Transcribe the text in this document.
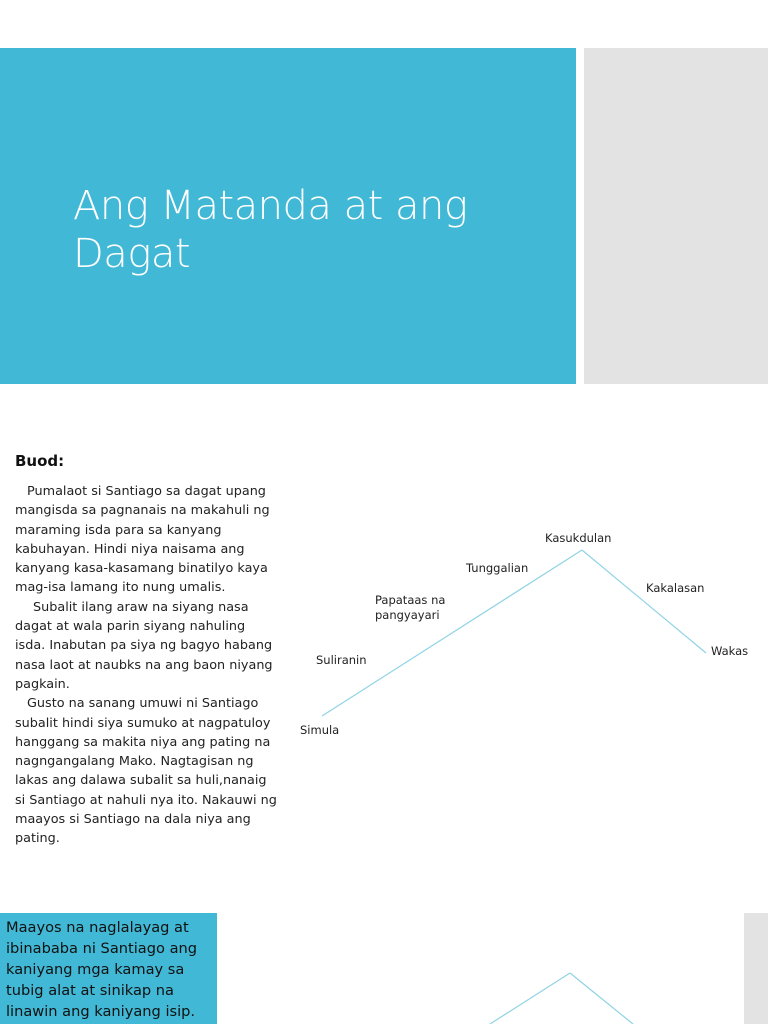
Ang Matanda at ang
Dagat
Buod:

Pumalaot si Santiago sa dagat upang mangisda sa pagnanais na makahuli ng maraming isda para sa kanyang kabuhayan. Hindi niya naisama ang kanyang kasa-kasamang binatilyo kaya mag-isa lamang ito nung umalis.

Subalit ilang araw na siyang nasa dagat at wala parin siyang nahuling isda. Inabutan pa siya ng bagyo habang nasa laot at naubks na ang baon niyang pagkain.

Gusto na sanang umuwi ni Santiago subalit hindi siya sumuko at nagpatuloy hanggang sa makita niya ang pating na nagngangalang Mako. Nagtagisan ng lakas ang dalawa subalit sa huli,nanaig si Santiago at nahuli nya ito. Nakauwi ng maayos si Santiago na dala niya ang pating.

Simula
Suliranin
Papataas na
pangyayari
Tunggalian
Kasukdulan
Kakalasan
Wakas
Maayos na naglalayag at ibinababa ni Santiago ang kaniyang mga kamay sa tubig alat at sinikap na linawin ang kaniyang isip.
